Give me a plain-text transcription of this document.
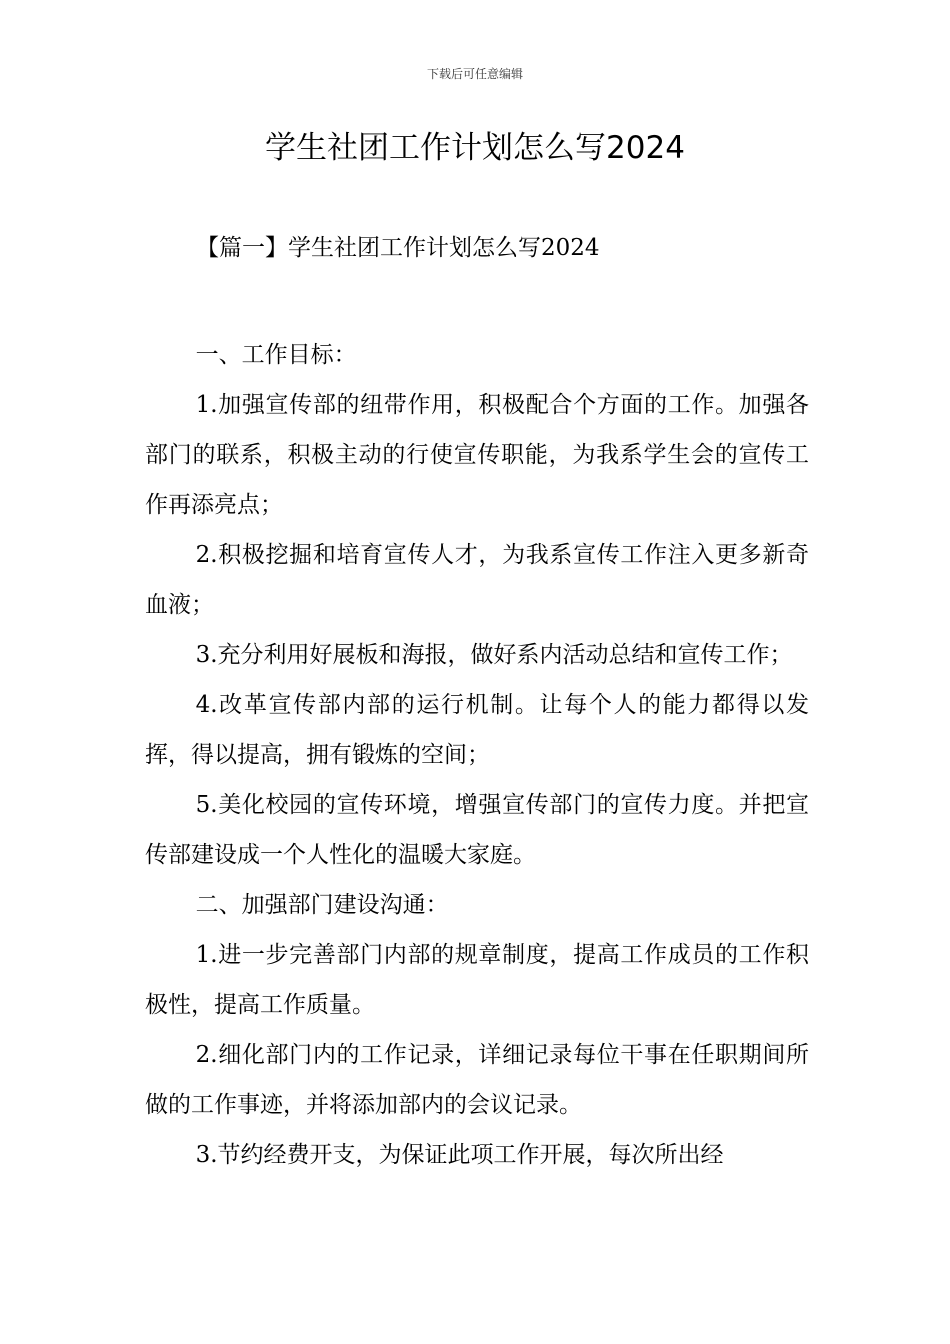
下载后可任意编辑
学生社团工作计划怎么写2024
【篇一】学生社团工作计划怎么写2024

一、工作目标：

1.加强宣传部的纽带作用，积极配合个方面的工作。加强各部门的联系，积极主动的行使宣传职能，为我系学生会的宣传工作再添亮点；

2.积极挖掘和培育宣传人才，为我系宣传工作注入更多新奇血液；

3.充分利用好展板和海报，做好系内活动总结和宣传工作；

4.改革宣传部内部的运行机制。让每个人的能力都得以发挥，得以提高，拥有锻炼的空间；

5.美化校园的宣传环境，增强宣传部门的宣传力度。并把宣传部建设成一个人性化的温暖大家庭。

二、加强部门建设沟通：

1.进一步完善部门内部的规章制度，提高工作成员的工作积极性，提高工作质量。

2.细化部门内的工作记录，详细记录每位干事在任职期间所做的工作事迹，并将添加部内的会议记录。

3.节约经费开支，为保证此项工作开展，每次所出经
